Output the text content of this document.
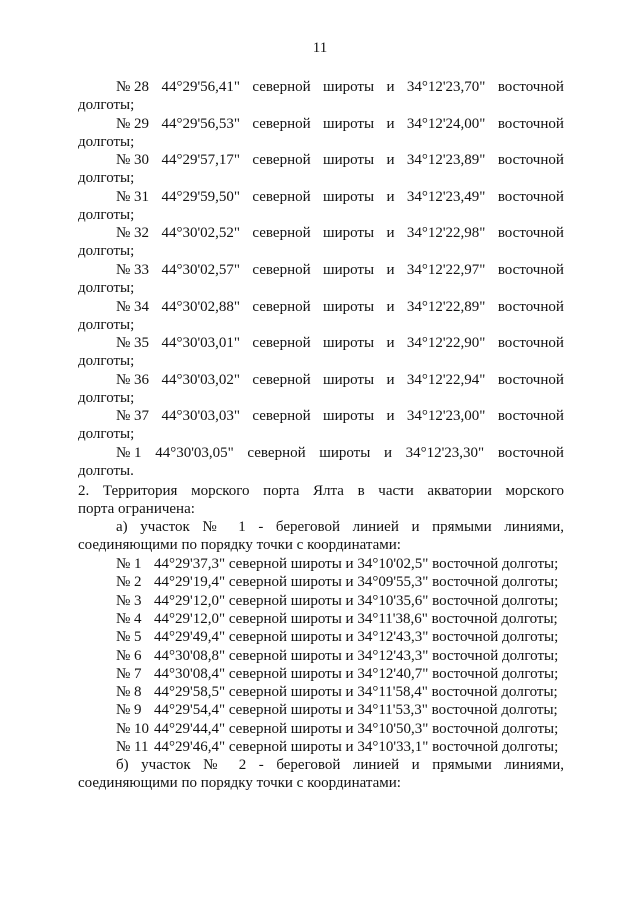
11
№ 28 44°29'56,41" северной широты и 34°12'23,70" восточной
долготы;
№ 29 44°29'56,53" северной широты и 34°12'24,00" восточной
долготы;
№ 30 44°29'57,17" северной широты и 34°12'23,89" восточной
долготы;
№ 31 44°29'59,50" северной широты и 34°12'23,49" восточной
долготы;
№ 32 44°30'02,52" северной широты и 34°12'22,98" восточной
долготы;
№ 33 44°30'02,57" северной широты и 34°12'22,97" восточной
долготы;
№ 34 44°30'02,88" северной широты и 34°12'22,89" восточной
долготы;
№ 35 44°30'03,01" северной широты и 34°12'22,90" восточной
долготы;
№ 36 44°30'03,02" северной широты и 34°12'22,94" восточной
долготы;
№ 37 44°30'03,03" северной широты и 34°12'23,00" восточной
долготы;
№ 1 44°30'03,05" северной широты и 34°12'23,30" восточной
долготы.
2. Территория морского порта Ялта в части акватории морского
порта ограничена:
а) участок № 1 - береговой линией и прямыми линиями,
соединяющими по порядку точки с координатами:
№ 1 44°29'37,3" северной широты и 34°10'02,5" восточной долготы;
№ 2 44°29'19,4" северной широты и 34°09'55,3" восточной долготы;
№ 3 44°29'12,0" северной широты и 34°10'35,6" восточной долготы;
№ 4 44°29'12,0" северной широты и 34°11'38,6" восточной долготы;
№ 5 44°29'49,4" северной широты и 34°12'43,3" восточной долготы;
№ 6 44°30'08,8" северной широты и 34°12'43,3" восточной долготы;
№ 7 44°30'08,4" северной широты и 34°12'40,7" восточной долготы;
№ 8 44°29'58,5" северной широты и 34°11'58,4" восточной долготы;
№ 9 44°29'54,4" северной широты и 34°11'53,3" восточной долготы;
№ 10 44°29'44,4" северной широты и 34°10'50,3" восточной долготы;
№ 11 44°29'46,4" северной широты и 34°10'33,1" восточной долготы;
б) участок № 2 - береговой линией и прямыми линиями,
соединяющими по порядку точки с координатами:
